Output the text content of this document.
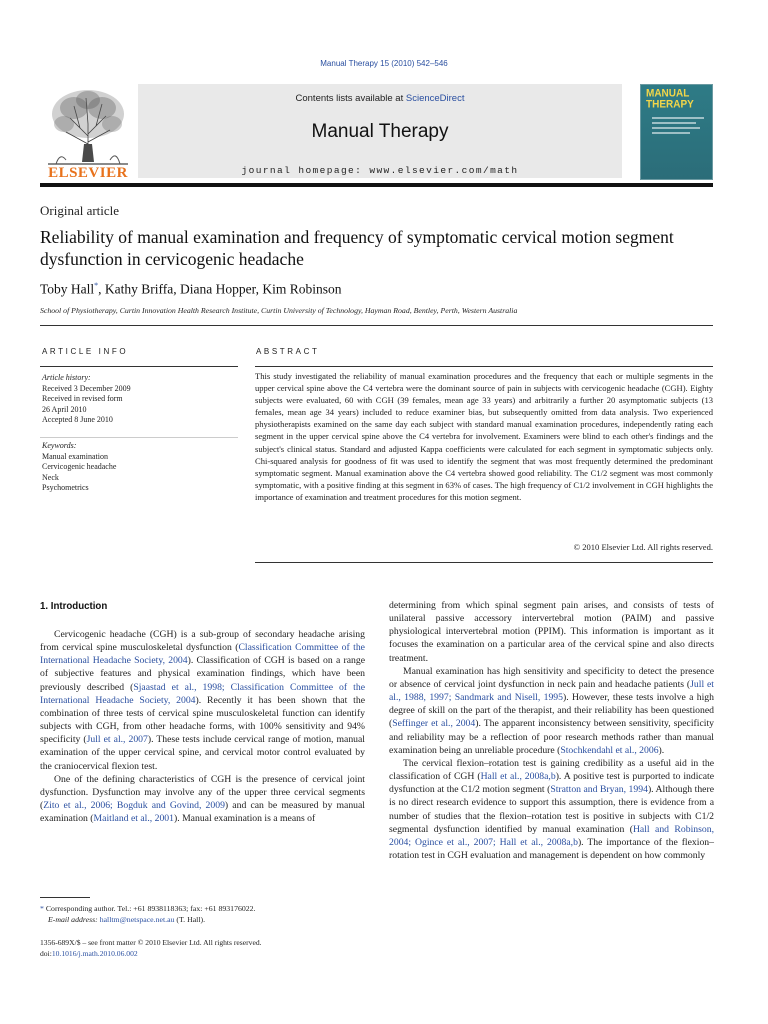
Manual Therapy 15 (2010) 542–546
ELSEVIER
Contents lists available at ScienceDirect
Manual Therapy
journal homepage: www.elsevier.com/math
MANUAL
THERAPY
Original article
Reliability of manual examination and frequency of symptomatic cervical motion segment dysfunction in cervicogenic headache
Toby Hall*, Kathy Briffa, Diana Hopper, Kim Robinson
School of Physiotherapy, Curtin Innovation Health Research Institute, Curtin University of Technology, Hayman Road, Bentley, Perth, Western Australia
ARTICLE INFO
Article history:
Received 3 December 2009
Received in revised form
26 April 2010
Accepted 8 June 2010
Keywords:
Manual examination
Cervicogenic headache
Neck
Psychometrics
ABSTRACT
This study investigated the reliability of manual examination procedures and the frequency that each or multiple segments in the upper cervical spine above the C4 vertebra were the dominant source of pain in subjects with cervicogenic headache (CGH). Eighty subjects were evaluated, 60 with CGH (39 females, mean age 33 years) and arbitrarily a further 20 asymptomatic subjects (13 females, mean age 34 years) included to reduce examiner bias, but subsequently omitted from data analysis. Two experienced physiotherapists examined on the same day each subject with standard manual examination procedures, independently rating each segment in the upper cervical spine above the C4 vertebra for involvement. Examiners were blind to each other's findings and the subject's clinical status. Standard and adjusted Kappa coefficients were calculated for each segment in symptomatic subjects only. Chi-squared analysis for goodness of fit was used to identify the segment that was most frequently determined the predominant symptomatic segment. Manual examination above the C4 vertebra showed good reliability. The C1/2 segment was most commonly symptomatic, with a positive finding at this segment in 63% of cases. The high frequency of C1/2 involvement in CGH highlights the importance of examination and treatment procedures for this motion segment.
© 2010 Elsevier Ltd. All rights reserved.
1. Introduction

Cervicogenic headache (CGH) is a sub-group of secondary headache arising from cervical spine musculoskeletal dysfunction (Classification Committee of the International Headache Society, 2004). Classification of CGH is based on a range of subjective features and physical examination findings, which have been previously described (Sjaastad et al., 1998; Classification Committee of the International Headache Society, 2004). Recently it has been shown that the combination of three tests of cervical spine musculoskeletal function can identify subjects with CGH, from other headache forms, with 100% sensitivity and 94% specificity (Jull et al., 2007). These tests include cervical range of motion, manual examination of the upper cervical spine, and cervical motor control evaluated by the craniocervical flexion test.

One of the defining characteristics of CGH is the presence of cervical joint dysfunction. Dysfunction may involve any of the upper three cervical segments (Zito et al., 2006; Bogduk and Govind, 2009) and can be measured by manual examination (Maitland et al., 2001). Manual examination is a means of

determining from which spinal segment pain arises, and consists of tests of unilateral passive accessory intervertebral motion (PAIM) and passive physiological intervertebral motion (PPIM). This information is important as it focuses the examination on a particular area of the cervical spine and also directs treatment.

Manual examination has high sensitivity and specificity to detect the presence or absence of cervical joint dysfunction in neck pain and headache patients (Jull et al., 1988, 1997; Sandmark and Nisell, 1995). However, these tests involve a high degree of skill on the part of the therapist, and their reliability has been questioned (Seffinger et al., 2004). The apparent inconsistency between sensitivity, specificity and reliability may be a reflection of poor research methods rather than manual examination being an unreliable procedure (Stochkendahl et al., 2006).

The cervical flexion–rotation test is gaining credibility as a useful aid in the classification of CGH (Hall et al., 2008a,b). A positive test is purported to indicate dysfunction at the C1/2 motion segment (Stratton and Bryan, 1994). Although there is no direct research evidence to support this assumption, there is evidence from a number of studies that the flexion–rotation test is positive in subjects with C1/2 segmental dysfunction identified by manual examination (Hall and Robinson, 2004; Ogince et al., 2007; Hall et al., 2008a,b). The importance of the flexion–rotation test in CGH evaluation and management is dependent on how commonly

* Corresponding author. Tel.: +61 8938118363; fax: +61 893176022.
E-mail address: halltm@netspace.net.au (T. Hall).
1356-689X/$ – see front matter © 2010 Elsevier Ltd. All rights reserved.
doi:10.1016/j.math.2010.06.002
